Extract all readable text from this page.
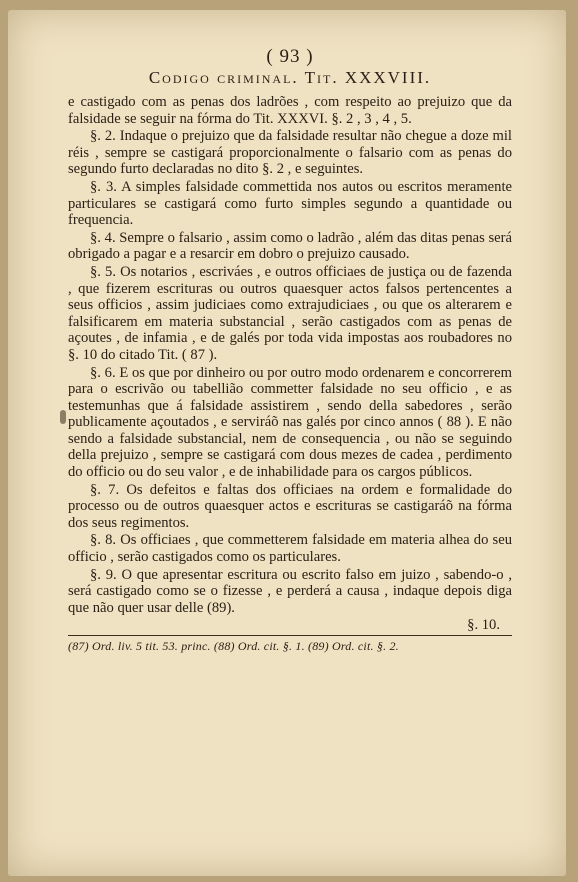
( 93 )
Codigo criminal. Tit. XXXVIII.

e castigado com as penas dos ladrões , com respeito ao prejuizo que da falsidade se seguir na fórma do Tit. XXXVI. §. 2 , 3 , 4 , 5.

§. 2. Indaque o prejuizo que da falsidade resultar não chegue a doze mil réis , sempre se castigará proporcionalmente o falsario com as penas do segundo furto declaradas no dito §. 2 , e seguintes.

§. 3. A simples falsidade commettida nos autos ou escritos meramente particulares se castigará como furto simples segundo a quantidade ou frequencia.

§. 4. Sempre o falsario , assim como o ladrão , além das ditas penas será obrigado a pagar e a resarcir em dobro o prejuizo causado.

§. 5. Os notarios , escriváes , e outros officiaes de justiça ou de fazenda , que fizerem escrituras ou outros quaesquer actos falsos pertencentes a seus officios , assim judiciaes como extrajudiciaes , ou que os alterarem e falsificarem em materia substancial , serão castigados com as penas de açoutes , de infamia , e de galés por toda vida impostas aos roubadores no §. 10 do citado Tit. ( 87 ).

§. 6. E os que por dinheiro ou por outro modo ordenarem e concorrerem para o escrivão ou tabellião commetter falsidade no seu officio , e as testemunhas que á falsidade assistirem , sendo della sabedores , serão publicamente açoutados , e serviráõ nas galés por cinco annos ( 88 ). E não sendo a falsidade substancial, nem de consequencia , ou não se seguindo della prejuizo , sempre se castigará com dous mezes de cadea , perdimento do officio ou do seu valor , e de inhabilidade para os cargos públicos.

§. 7. Os defeitos e faltas dos officiaes na ordem e formalidade do processo ou de outros quaesquer actos e escrituras se castigaráõ na fórma dos seus regimentos.

§. 8. Os officiaes , que commetterem falsidade em materia alhea do seu officio , serão castigados como os particulares.

§. 9. O que apresentar escritura ou escrito falso em juizo , sabendo-o , será castigado como se o fizesse , e perderá a causa , indaque depois diga que não quer usar delle (89).

§. 10.
(87) Ord. liv. 5 tit. 53. princ. (88) Ord. cit. §. 1. (89) Ord. cit. §. 2.
